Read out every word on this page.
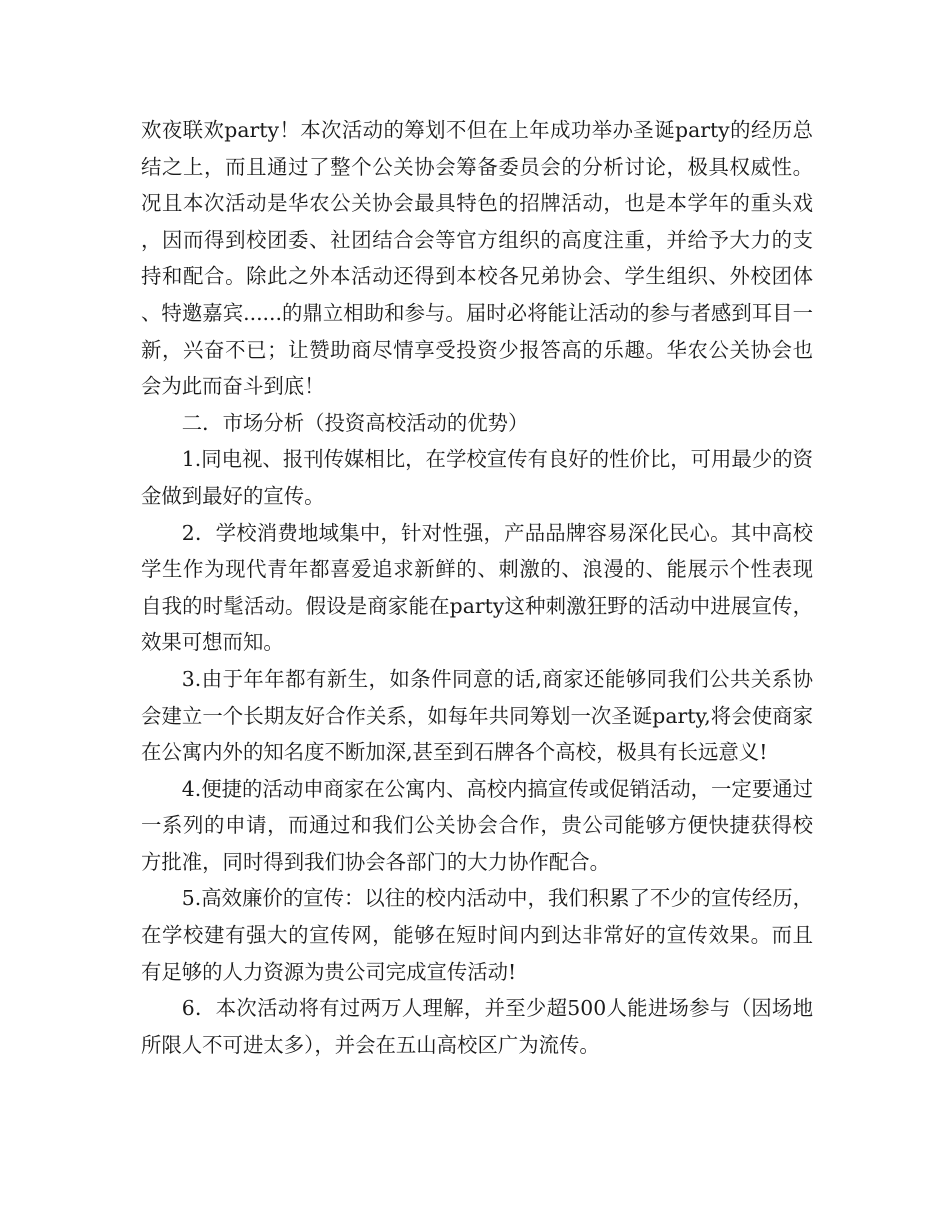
欢夜联欢party！本次活动的筹划不但在上年成功举办圣诞party的经历总结之上，而且通过了整个公关协会筹备委员会的分析讨论，极具权威性。况且本次活动是华农公关协会最具特色的招牌活动，也是本学年的重头戏，因而得到校团委、社团结合会等官方组织的高度注重，并给予大力的支持和配合。除此之外本活动还得到本校各兄弟协会、学生组织、外校团体、特邀嘉宾......的鼎立相助和参与。届时必将能让活动的参与者感到耳目一新，兴奋不已；让赞助商尽情享受投资少报答高的乐趣。华农公关协会也会为此而奋斗到底！

二．市场分析（投资高校活动的优势）

1.同电视、报刊传媒相比，在学校宣传有良好的性价比，可用最少的资金做到最好的宣传。

2．学校消费地域集中，针对性强，产品品牌容易深化民心。其中高校学生作为现代青年都喜爱追求新鲜的、刺激的、浪漫的、能展示个性表现自我的时髦活动。假设是商家能在party这种刺激狂野的活动中进展宣传，效果可想而知。

3.由于年年都有新生，如条件同意的话,商家还能够同我们公共关系协会建立一个长期友好合作关系，如每年共同筹划一次圣诞party,将会使商家在公寓内外的知名度不断加深,甚至到石牌各个高校，极具有长远意义!

4.便捷的活动申商家在公寓内、高校内搞宣传或促销活动，一定要通过一系列的申请，而通过和我们公关协会合作，贵公司能够方便快捷获得校方批准，同时得到我们协会各部门的大力协作配合。

5.高效廉价的宣传：以往的校内活动中，我们积累了不少的宣传经历，在学校建有强大的宣传网，能够在短时间内到达非常好的宣传效果。而且有足够的人力资源为贵公司完成宣传活动!

6．本次活动将有过两万人理解，并至少超500人能进场参与（因场地所限人不可进太多），并会在五山高校区广为流传。
